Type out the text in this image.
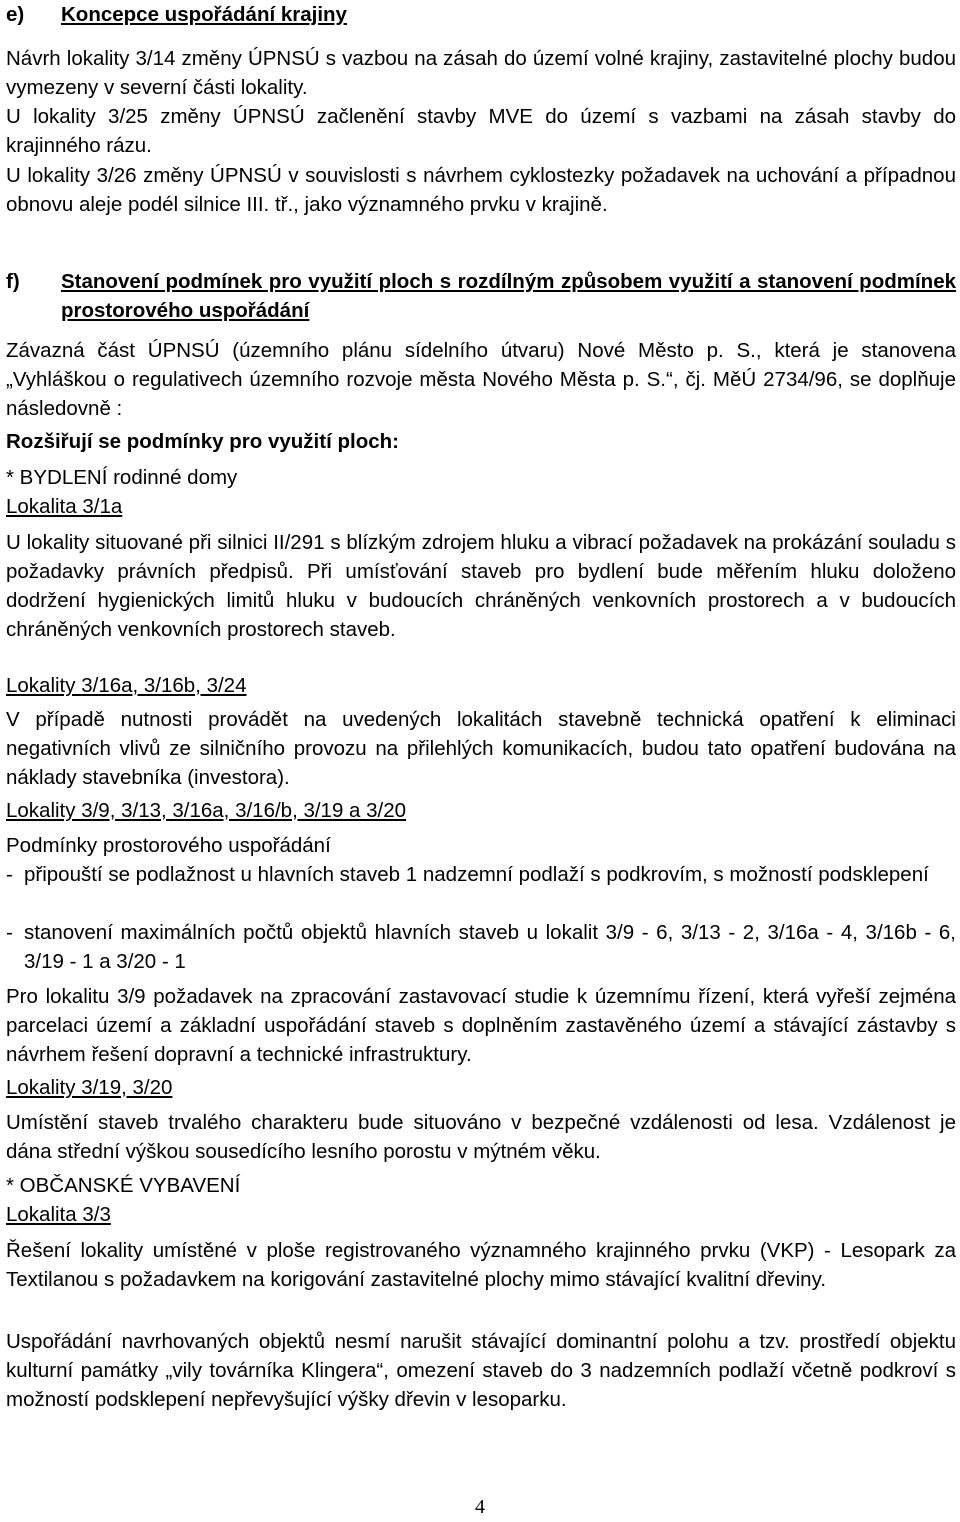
e) Koncepce uspořádání krajiny

Návrh lokality 3/14 změny ÚPNSÚ s vazbou na zásah do území volné krajiny, zastavitelné plochy budou vymezeny v severní části lokality.

U lokality 3/25 změny ÚPNSÚ začlenění stavby MVE do území s vazbami na zásah stavby do krajinného rázu.

U lokality 3/26 změny ÚPNSÚ v souvislosti s návrhem cyklostezky požadavek na uchování a případnou obnovu aleje podél silnice III. tř., jako významného prvku v krajině.

f) Stanovení podmínek pro využití ploch s rozdílným způsobem využití a stanovení podmínek prostorového uspořádání

Závazná část ÚPNSÚ (územního plánu sídelního útvaru) Nové Město p. S., která je stanovena „Vyhláškou o regulativech územního rozvoje města Nového Města p. S.“, čj. MěÚ 2734/96, se doplňuje následovně :

Rozšiřují se podmínky pro využití ploch:

* BYDLENÍ rodinné domy

Lokalita 3/1a

U lokality situované při silnici II/291 s blízkým zdrojem hluku a vibrací požadavek na prokázání souladu s požadavky právních předpisů. Při umísťování staveb pro bydlení bude měřením hluku doloženo dodržení hygienických limitů hluku v budoucích chráněných venkovních prostorech a v budoucích chráněných venkovních prostorech staveb.

Lokality 3/16a, 3/16b, 3/24

V případě nutnosti provádět na uvedených lokalitách stavebně technická opatření k eliminaci negativních vlivů ze silničního provozu na přilehlých komunikacích, budou tato opatření budována na náklady stavebníka (investora).

Lokality 3/9, 3/13, 3/16a, 3/16/b, 3/19 a 3/20

Podmínky prostorového uspořádání

- připouští se podlažnost u hlavních staveb 1 nadzemní podlaží s podkrovím, s možností podsklepení
- stanovení maximálních počtů objektů hlavních staveb u lokalit 3/9 - 6, 3/13 - 2, 3/16a - 4, 3/16b - 6, 3/19 - 1 a 3/20 - 1

Pro lokalitu 3/9 požadavek na zpracování zastavovací studie k územnímu řízení, která vyřeší zejména parcelaci území a základní uspořádání staveb s doplněním zastavěného území a stávající zástavby s návrhem řešení dopravní a technické infrastruktury.

Lokality 3/19, 3/20

Umístění staveb trvalého charakteru bude situováno v bezpečné vzdálenosti od lesa. Vzdálenost je dána střední výškou sousedícího lesního porostu v mýtném věku.

* OBČANSKÉ VYBAVENÍ

Lokalita 3/3

Řešení lokality umístěné v ploše registrovaného významného krajinného prvku (VKP) - Lesopark za Textilanou s požadavkem na korigování zastavitelné plochy mimo stávající kvalitní dřeviny.

Uspořádání navrhovaných objektů nesmí narušit stávající dominantní polohu a tzv. prostředí objektu kulturní památky „vily továrníka Klingera“, omezení staveb do 3 nadzemních podlaží včetně podkroví s možností podsklepení nepřevyšující výšky dřevin v lesoparku.

4
